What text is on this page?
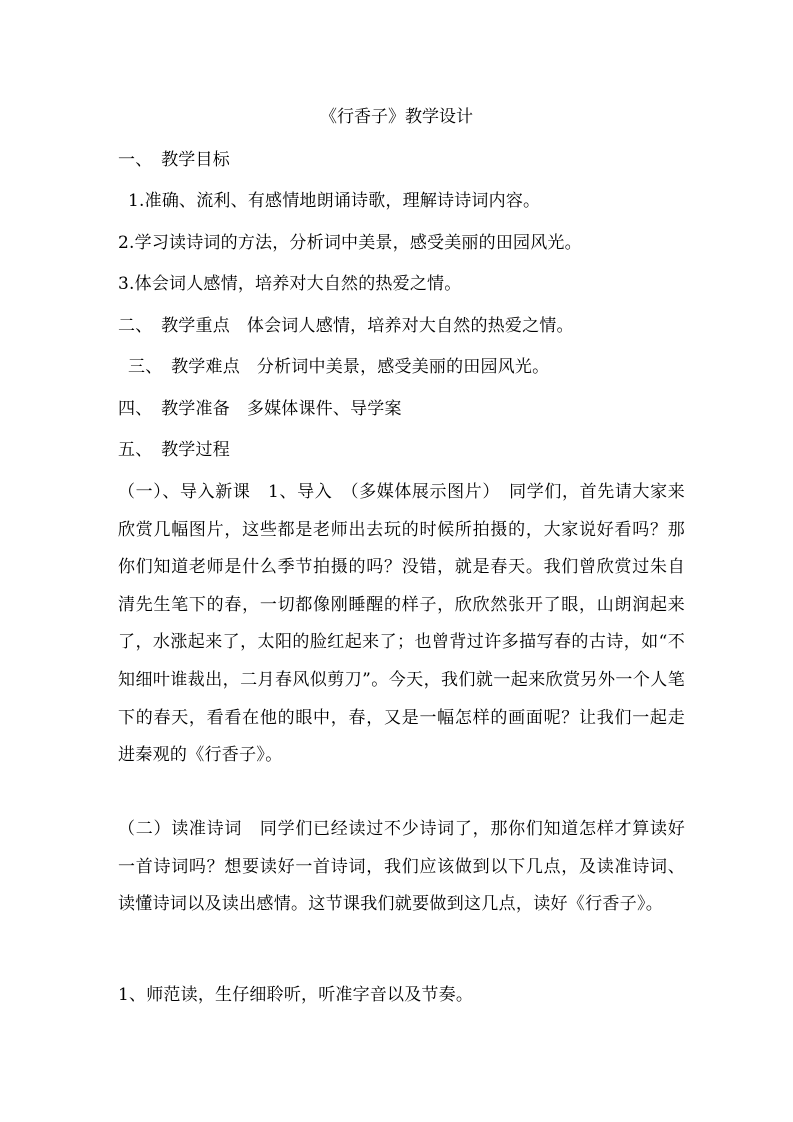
《行香子》教学设计
一、　教学目标
1.准确、流利、有感情地朗诵诗歌，理解诗诗词内容。
2.学习读诗词的方法，分析词中美景，感受美丽的田园风光。
3.体会词人感情，培养对大自然的热爱之情。
二、　教学重点 体会词人感情，培养对大自然的热爱之情。
三、　教学难点 分析词中美景，感受美丽的田园风光。
四、　教学准备 多媒体课件、导学案
五、　教学过程
（一）、导入新课　1、导入　（多媒体展示图片）　同学们，首先请大家来欣赏几幅图片，这些都是老师出去玩的时候所拍摄的，大家说好看吗？那你们知道老师是什么季节拍摄的吗？没错，就是春天。我们曾欣赏过朱自清先生笔下的春，一切都像刚睡醒的样子，欣欣然张开了眼，山朗润起来了，水涨起来了，太阳的脸红起来了；也曾背过许多描写春的古诗，如“不知细叶谁裁出，二月春风似剪刀”。今天，我们就一起来欣赏另外一个人笔下的春天，看看在他的眼中，春，又是一幅怎样的画面呢？让我们一起走进秦观的《行香子》。
（二）读准诗词　同学们已经读过不少诗词了，那你们知道怎样才算读好一首诗词吗？想要读好一首诗词，我们应该做到以下几点，及读准诗词、读懂诗词以及读出感情。这节课我们就要做到这几点，读好《行香子》。
1、师范读，生仔细聆听，听准字音以及节奏。
